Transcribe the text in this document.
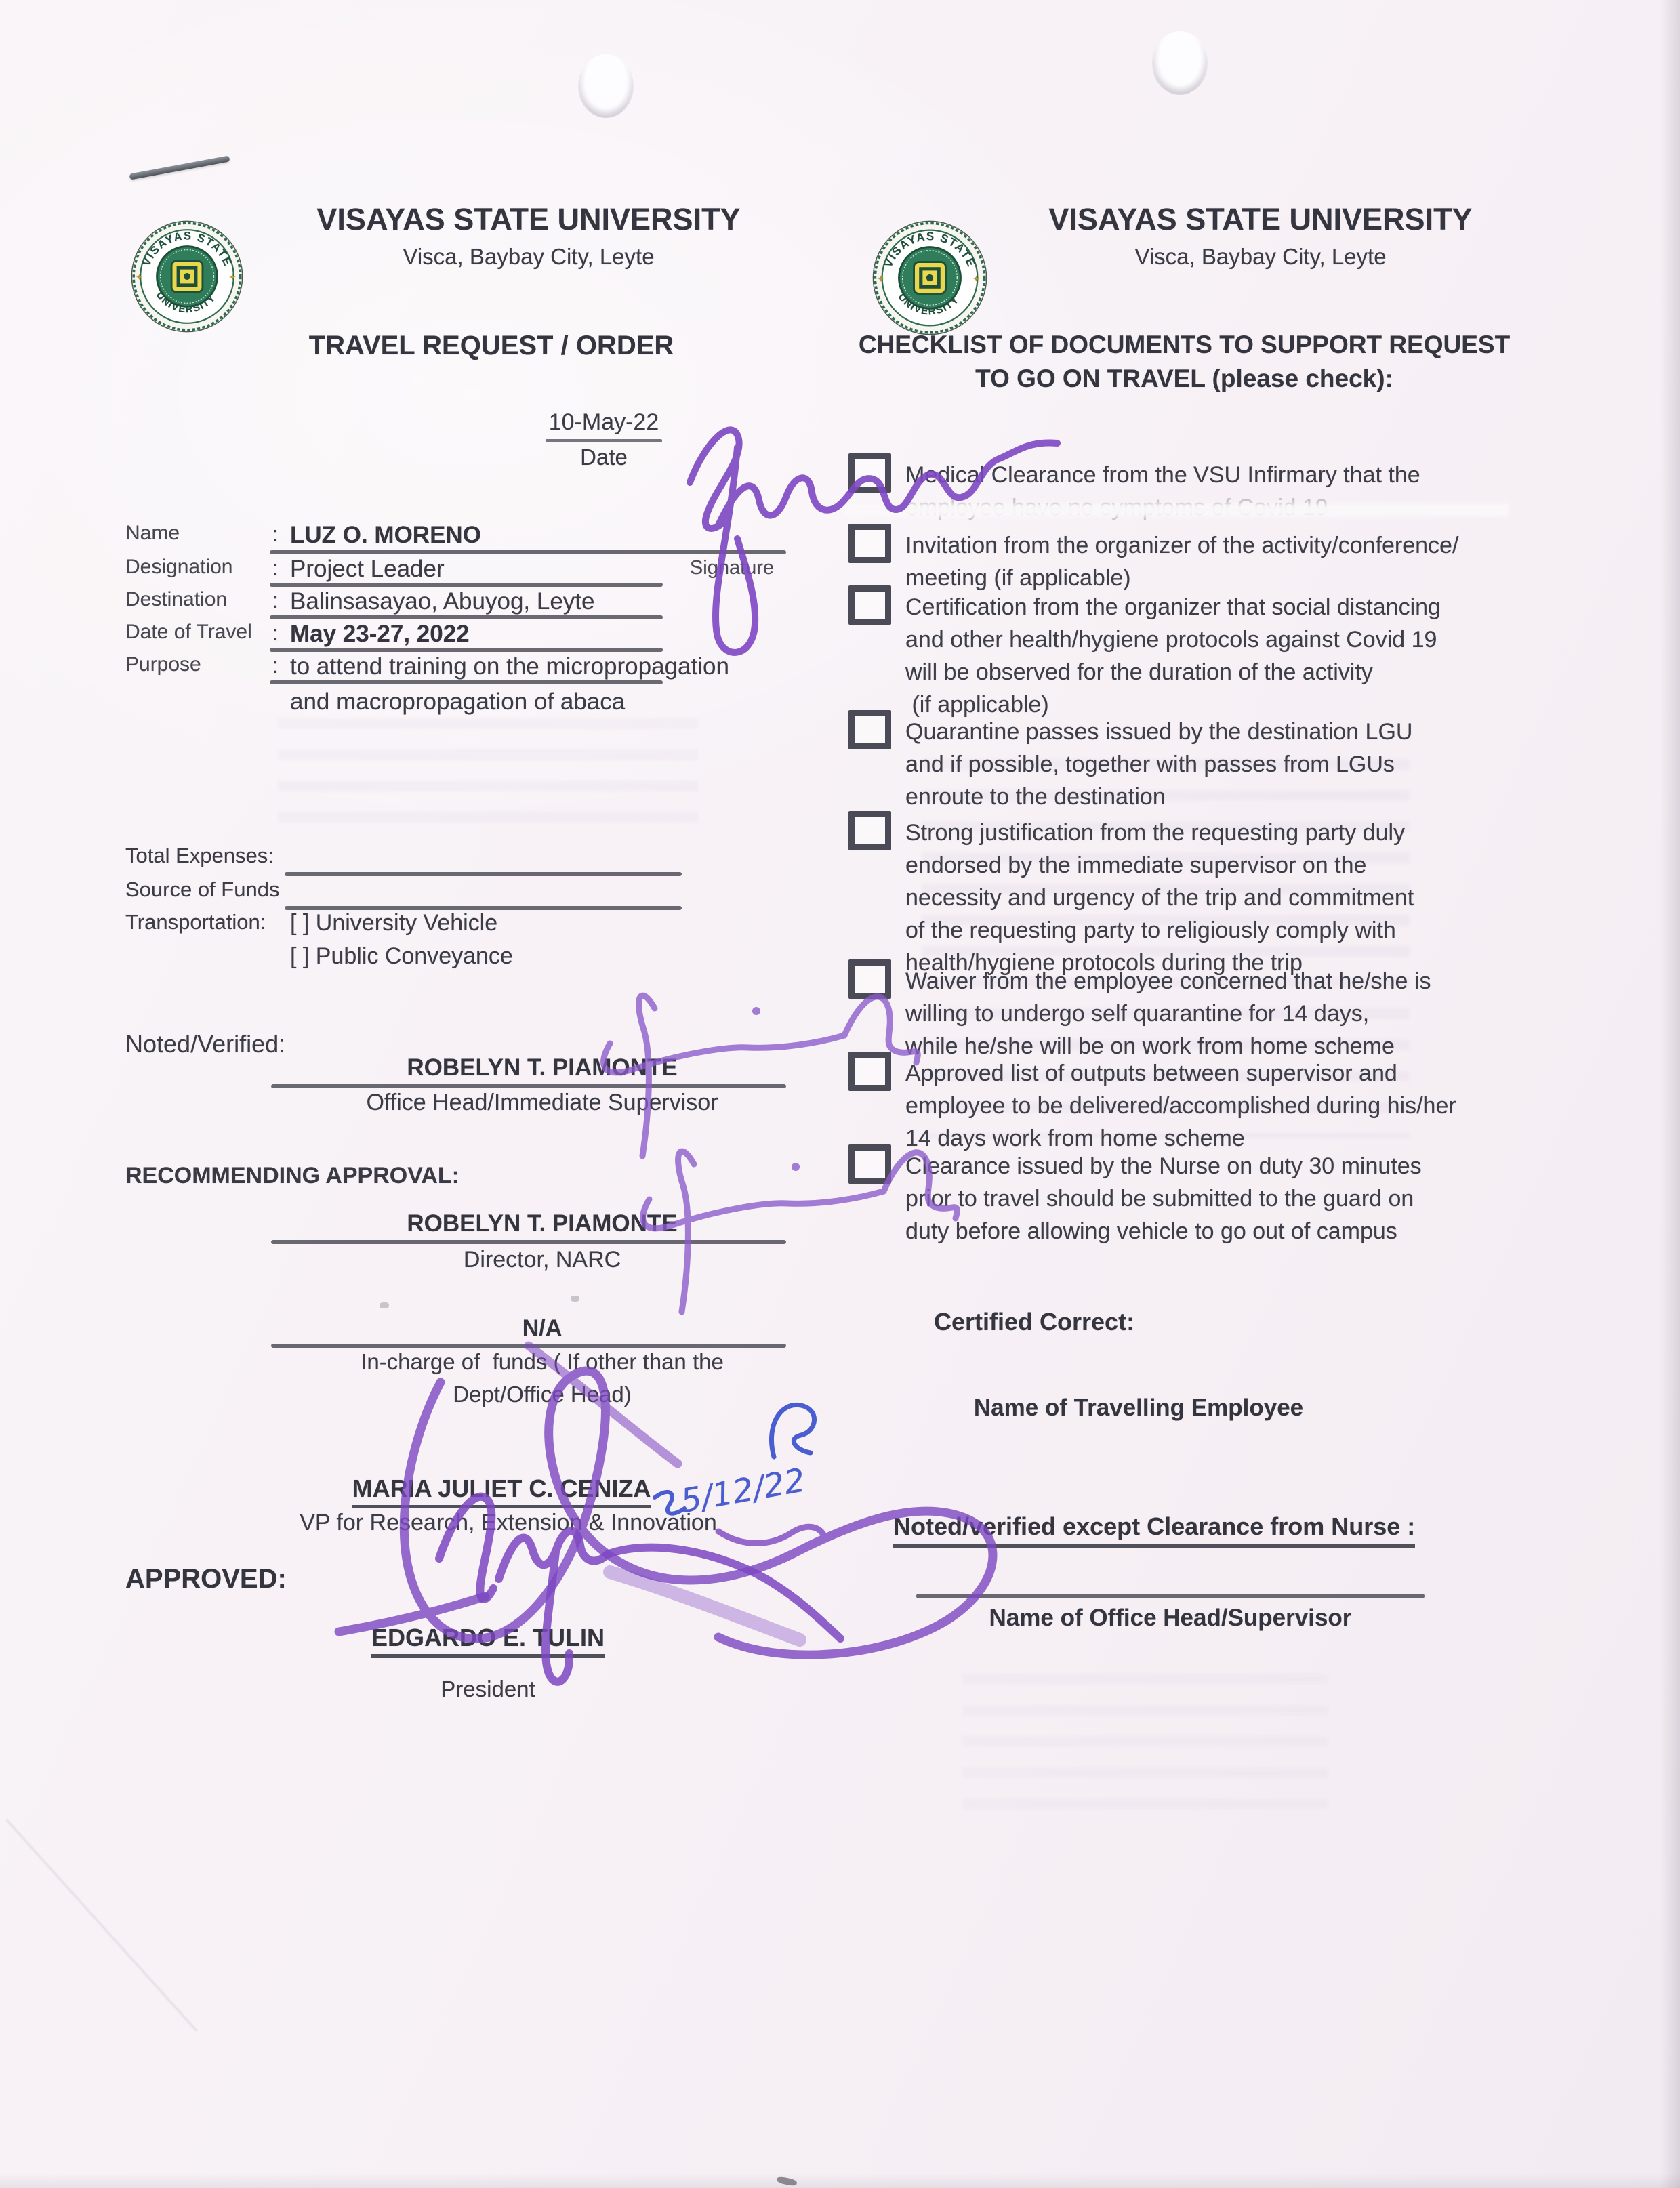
VISAYAS STATE UNIVERSITY
Visca, Baybay City, Leyte
TRAVEL REQUEST / ORDER
10-May-22
Date
Name	: LUZ O. MORENO
Designation	: Project Leader
Destination	: Balinsasayao, Abuyog, Leyte
Date of Travel : May 23-27, 2022
Purpose	: to attend training on the micropropagation
and macropropagation of abaca
Signature
Total Expenses:
Source of Funds
Transportation: [ ] University Vehicle
[ ] Public Conveyance
Noted/Verified:
ROBELYN T. PIAMONTE
Office Head/Immediate Supervisor
RECOMMENDING APPROVAL:
ROBELYN T. PIAMONTE
Director, NARC
N/A
In-charge of  funds ( If other than the
Dept/Office Head)
MARIA JULIET C. CENIZA
VP for Research, Extension & Innovation
APPROVED:
EDGARDO E. TULIN
President
VISAYAS STATE UNIVERSITY
Visca, Baybay City, Leyte
CHECKLIST OF DOCUMENTS TO SUPPORT REQUEST
TO GO ON TRAVEL (please check):
Medical Clearance from the VSU Infirmary that the
Invitation from the organizer of the activity/conference/
meeting (if applicable)
Certification from the organizer that social distancing
and other health/hygiene protocols against Covid 19
will be observed for the duration of the activity
(if applicable)
Quarantine passes issued by the destination LGU
and if possible, together with passes from LGUs
enroute to the destination
Strong justification from the requesting party duly
endorsed by the immediate supervisor on the
necessity and urgency of the trip and commitment
of the requesting party to religiously comply with
health/hygiene protocols during the trip
Waiver from the employee concerned that he/she is
willing to undergo self quarantine for 14 days,
while he/she will be on work from home scheme
Approved list of outputs between supervisor and
employee to be delivered/accomplished during his/her
14 days work from home scheme
Clearance issued by the Nurse on duty 30 minutes
prior to travel should be submitted to the guard on
duty before allowing vehicle to go out of campus
Certified Correct:
Name of Travelling Employee
Noted/verified except Clearance from Nurse :
Name of Office Head/Supervisor
5/12/22
